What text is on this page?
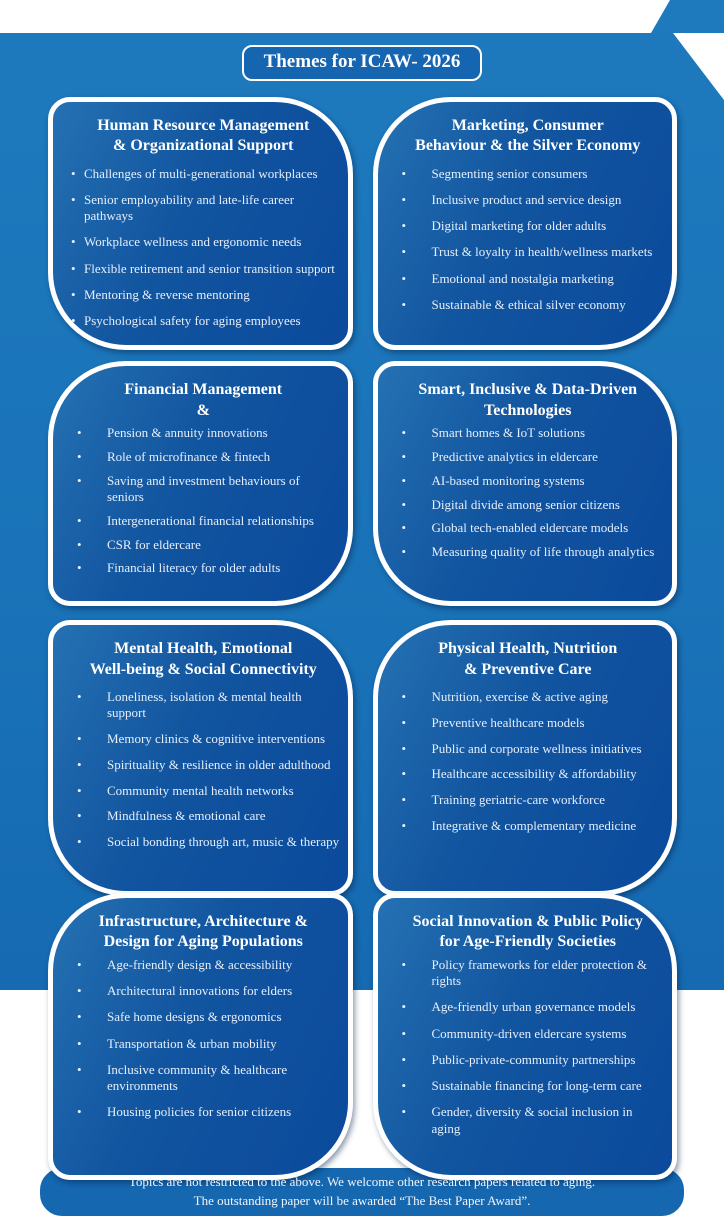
Themes for ICAW- 2026
Human Resource Management
& Organizational Support
• Challenges of multi-generational workplaces
• Senior employability and late-life career pathways
• Workplace wellness and ergonomic needs
• Flexible retirement and senior transition support
• Mentoring & reverse mentoring
• Psychological safety for aging employees
Marketing, Consumer
Behaviour & the Silver Economy
• Segmenting senior consumers
• Inclusive product and service design
• Digital marketing for older adults
• Trust & loyalty in health/wellness markets
• Emotional and nostalgia marketing
• Sustainable & ethical silver economy
Financial Management
&
• Pension & annuity innovations
• Role of microfinance & fintech
• Saving and investment behaviours of seniors
• Intergenerational financial relationships
• CSR for eldercare
• Financial literacy for older adults
Smart, Inclusive & Data-Driven
Technologies
• Smart homes & IoT solutions
• Predictive analytics in eldercare
• AI-based monitoring systems
• Digital divide among senior citizens
• Global tech-enabled eldercare models
• Measuring quality of life through analytics
Mental Health, Emotional
Well-being & Social Connectivity
• Loneliness, isolation & mental health support
• Memory clinics & cognitive interventions
• Spirituality & resilience in older adulthood
• Community mental health networks
• Mindfulness & emotional care
• Social bonding through art, music & therapy
Physical Health, Nutrition
& Preventive Care
• Nutrition, exercise & active aging
• Preventive healthcare models
• Public and corporate wellness initiatives
• Healthcare accessibility & affordability
• Training geriatric-care workforce
• Integrative & complementary medicine
Infrastructure, Architecture &
Design for Aging Populations
• Age-friendly design & accessibility
• Architectural innovations for elders
• Safe home designs & ergonomics
• Transportation & urban mobility
• Inclusive community & healthcare environments
• Housing policies for senior citizens
Social Innovation & Public Policy
for Age-Friendly Societies
• Policy frameworks for elder protection & rights
• Age-friendly urban governance models
• Community-driven eldercare systems
• Public-private-community partnerships
• Sustainable financing for long-term care
• Gender, diversity & social inclusion in aging
Topics are not restricted to the above. We welcome other research papers related to aging.
The outstanding paper will be awarded “The Best Paper Award”.
